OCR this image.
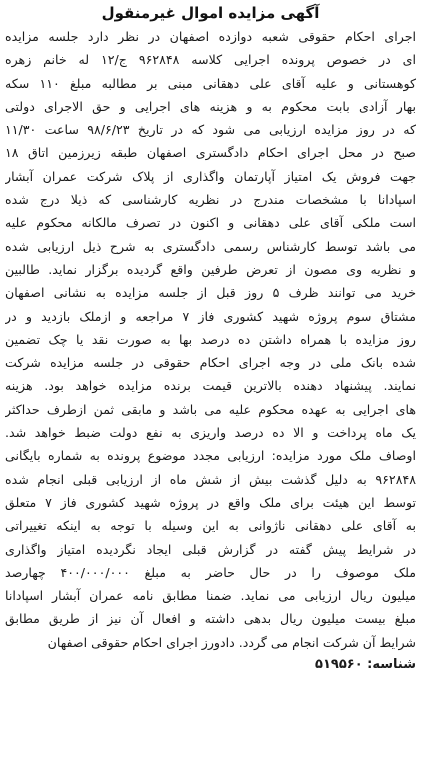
آگهی مزایده اموال غیرمنقول
اجرای احکام حقوقی شعبه دوازده اصفهان در نظر دارد جلسه مزایده
ای در خصوص پرونده اجرایی کلاسه ۹۶۲۸۴۸ ج/۱۲ له خانم زهره
کوهستانی و علیه آقای علی دهقانی مبنی بر مطالبه مبلغ ۱۱۰ سکه
بهار آزادی بابت محکوم به و هزینه های اجرایی و حق الاجرای دولتی
که در روز مزایده ارزیابی می شود که در تاریخ ۹۸/۶/۲۳ ساعت ۱۱/۳۰
صبح در محل اجرای احکام دادگستری اصفهان طبقه زیرزمین اتاق ۱۸
جهت فروش یک امتیاز آپارتمان واگذاری از پلاک شرکت عمران آبشار
اسپادانا با مشخصات مندرج در نظریه کارشناسی که ذیلا درج شده
است ملکی آقای علی دهقانی و اکنون در تصرف مالکانه محکوم علیه
می باشد توسط کارشناس رسمی دادگستری به شرح ذیل ارزیابی شده
و نظریه وی مصون از تعرض طرفین واقع گردیده برگزار نماید. طالبین
خرید می توانند ظرف ۵ روز قبل از جلسه مزایده به نشانی اصفهان
مشتاق سوم پروژه شهید کشوری فاز ۷ مراجعه و ازملک بازدید و در
روز مزایده با همراه داشتن ده درصد بها به صورت نقد یا چک تضمین
شده بانک ملی در وجه اجرای احکام حقوقی در جلسه مزایده شرکت
نمایند. پیشنهاد دهنده بالاترین قیمت برنده مزایده خواهد بود. هزینه
های اجرایی به عهده محکوم علیه می باشد و مابقی ثمن ازطرف حداکثر
یک ماه پرداخت و الا ده درصد واریزی به نفع دولت ضبط خواهد شد.
اوصاف ملک مورد مزایده: ارزیابی مجدد موضوع پرونده به شماره بایگانی
۹۶۲۸۴۸ به دلیل گذشت بیش از شش ماه از ارزیابی قبلی انجام شده
توسط این هیئت برای ملک واقع در پروژه شهید کشوری فاز ۷ متعلق
به آقای علی دهقانی ناژوانی به این وسیله با توجه به اینکه تغییراتی
در شرایط پیش گفته در گزارش قبلی ایجاد نگردیده امتیاز واگذاری
ملک موصوف را در حال حاضر به مبلغ ۴۰۰/۰۰۰/۰۰۰ چهارصد
میلیون ریال ارزیابی می نماید. ضمنا مطابق نامه عمران آبشار اسپادانا
مبلغ بیست میلیون ریال بدهی داشته و افعال آن نیز از طریق مطابق
شرایط آن شرکت انجام می گردد. دادورز اجرای احکام حقوقی اصفهان
شناسه: ۵۱۹۵۶۰
